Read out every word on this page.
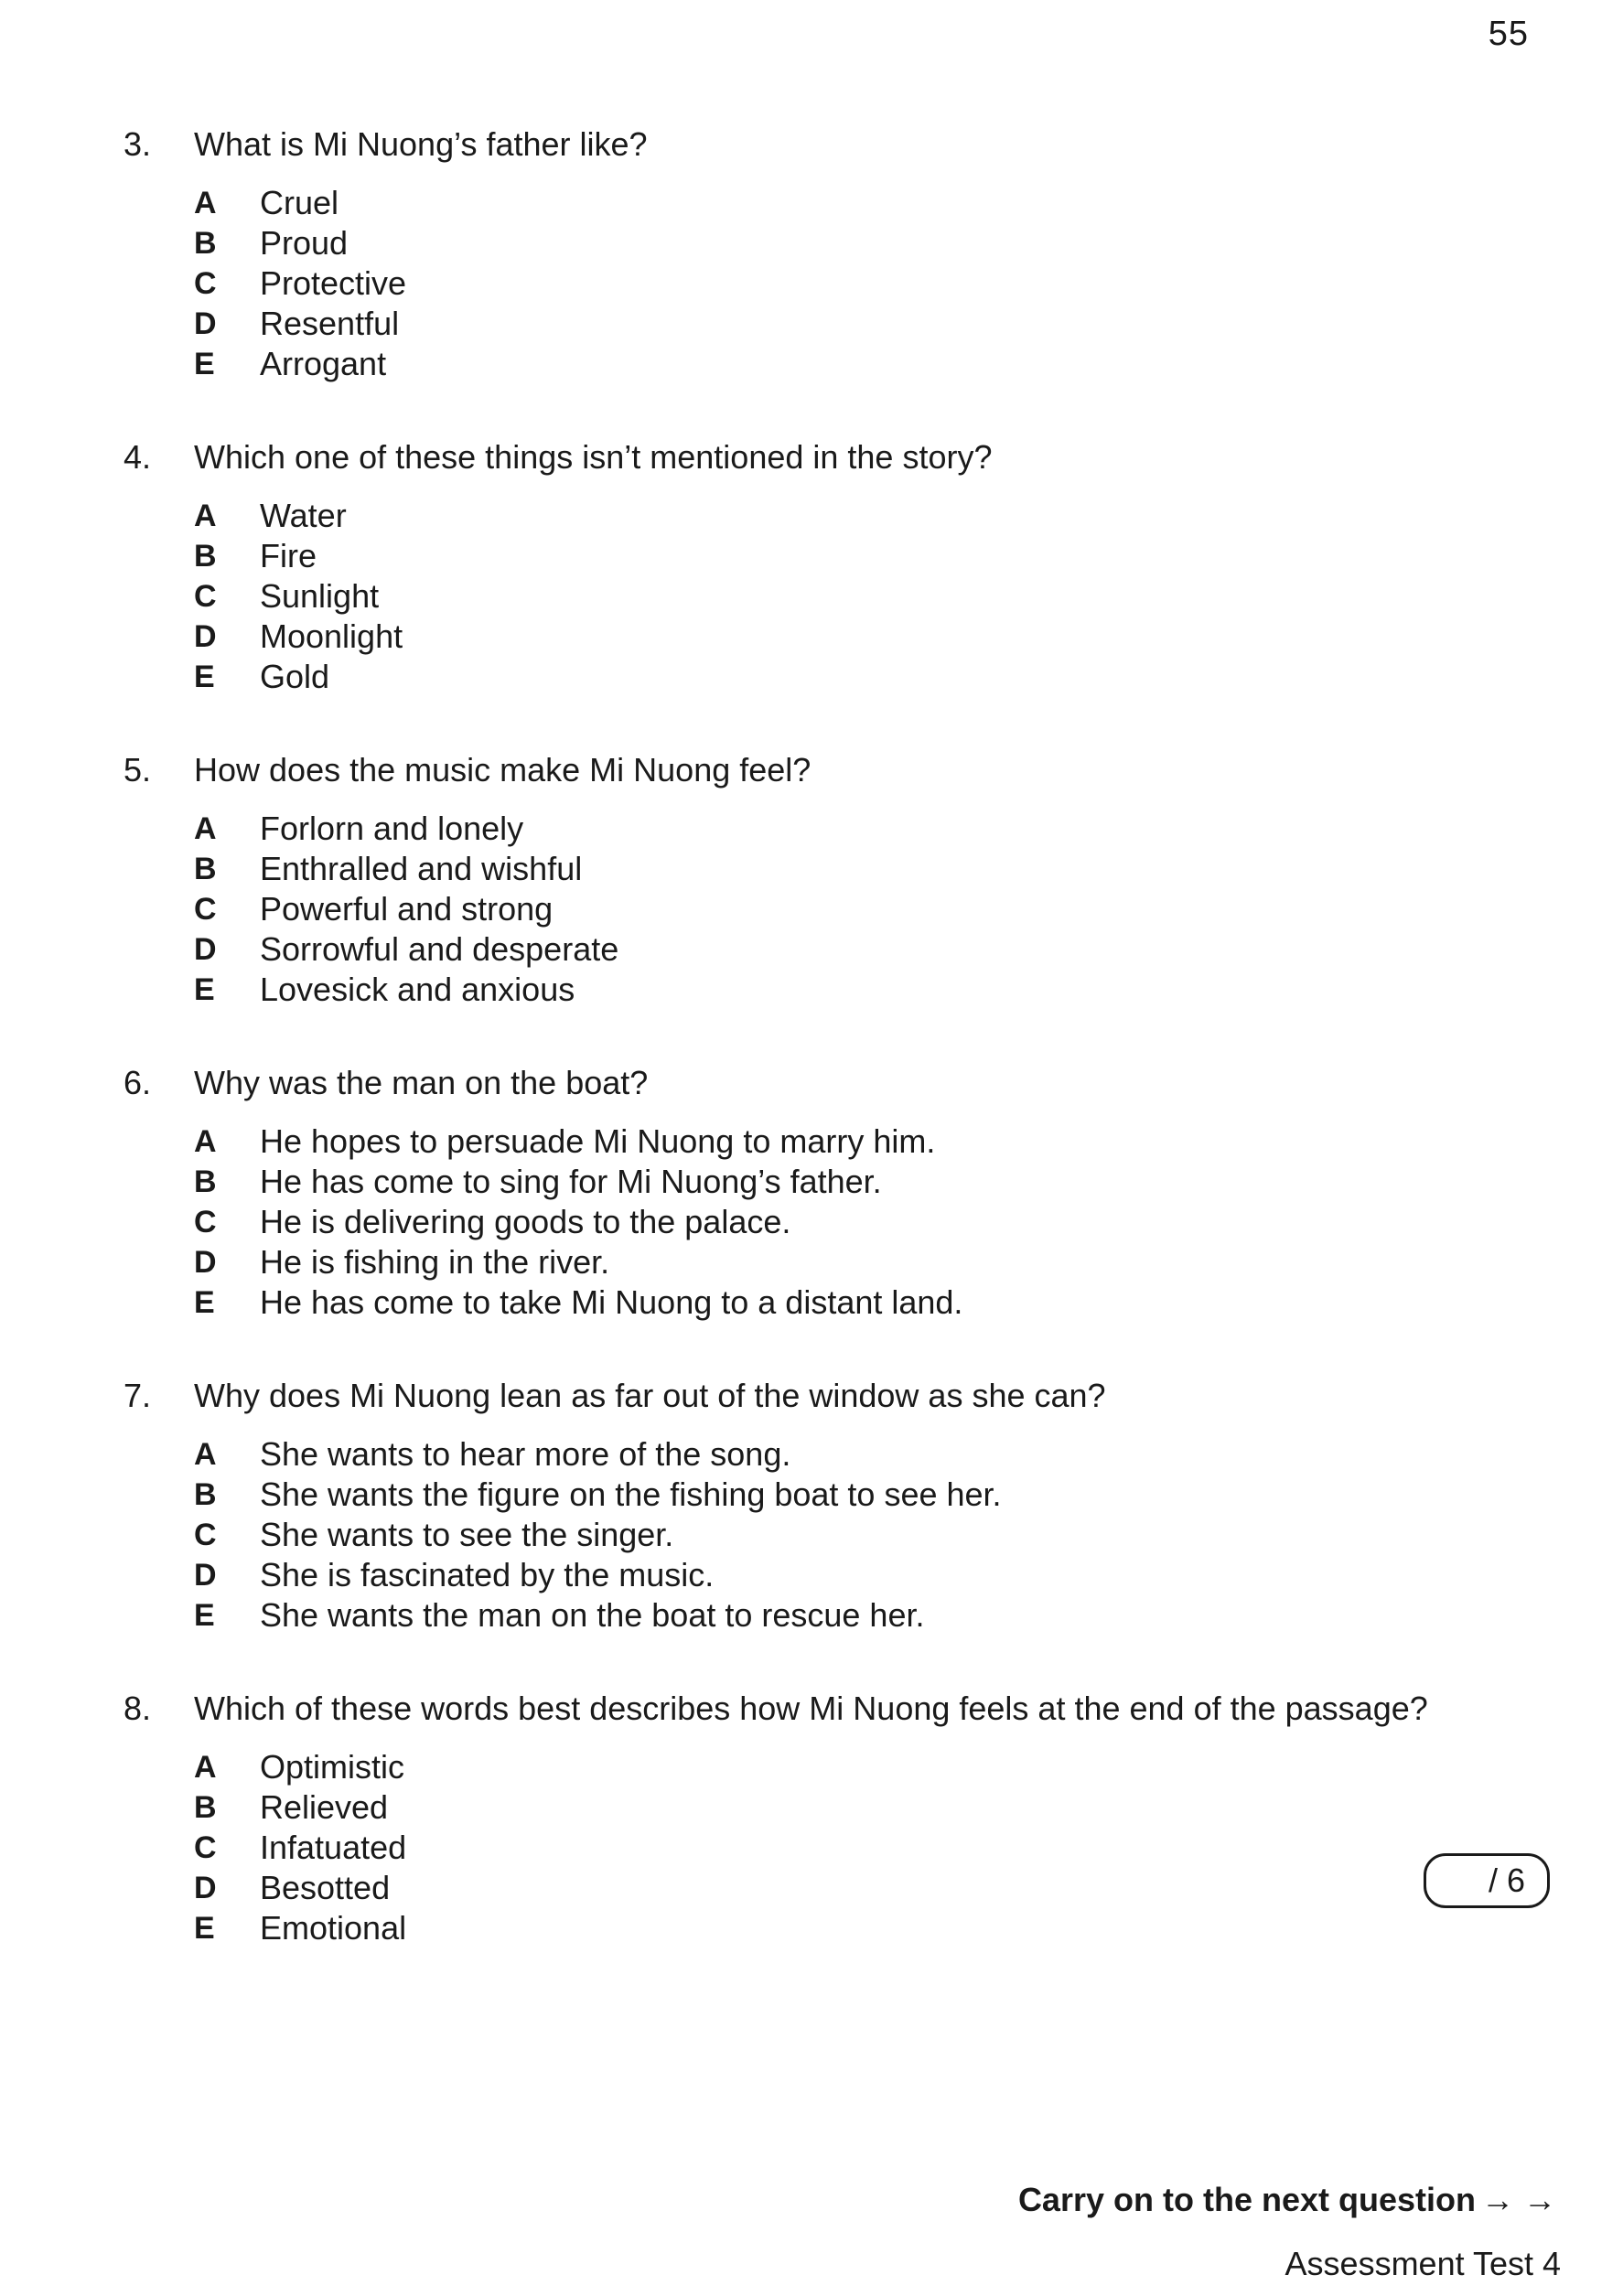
55
3.	What is Mi Nuong’s father like?
A	Cruel
B	Proud
C	Protective
D	Resentful
E	Arrogant
4.	Which one of these things isn’t mentioned in the story?
A	Water
B	Fire
C	Sunlight
D	Moonlight
E	Gold
5.	How does the music make Mi Nuong feel?
A	Forlorn and lonely
B	Enthralled and wishful
C	Powerful and strong
D	Sorrowful and desperate
E	Lovesick and anxious
6.	Why was the man on the boat?
A	He hopes to persuade Mi Nuong to marry him.
B	He has come to sing for Mi Nuong’s father.
C	He is delivering goods to the palace.
D	He is fishing in the river.
E	He has come to take Mi Nuong to a distant land.
7.	Why does Mi Nuong lean as far out of the window as she can?
A	She wants to hear more of the song.
B	She wants the figure on the fishing boat to see her.
C	She wants to see the singer.
D	She is fascinated by the music.
E	She wants the man on the boat to rescue her.
8.	Which of these words best describes how Mi Nuong feels at the end of the passage?
A	Optimistic
B	Relieved
C	Infatuated
D	Besotted
E	Emotional
/ 6
Carry on to the next question → →
Assessment Test 4
